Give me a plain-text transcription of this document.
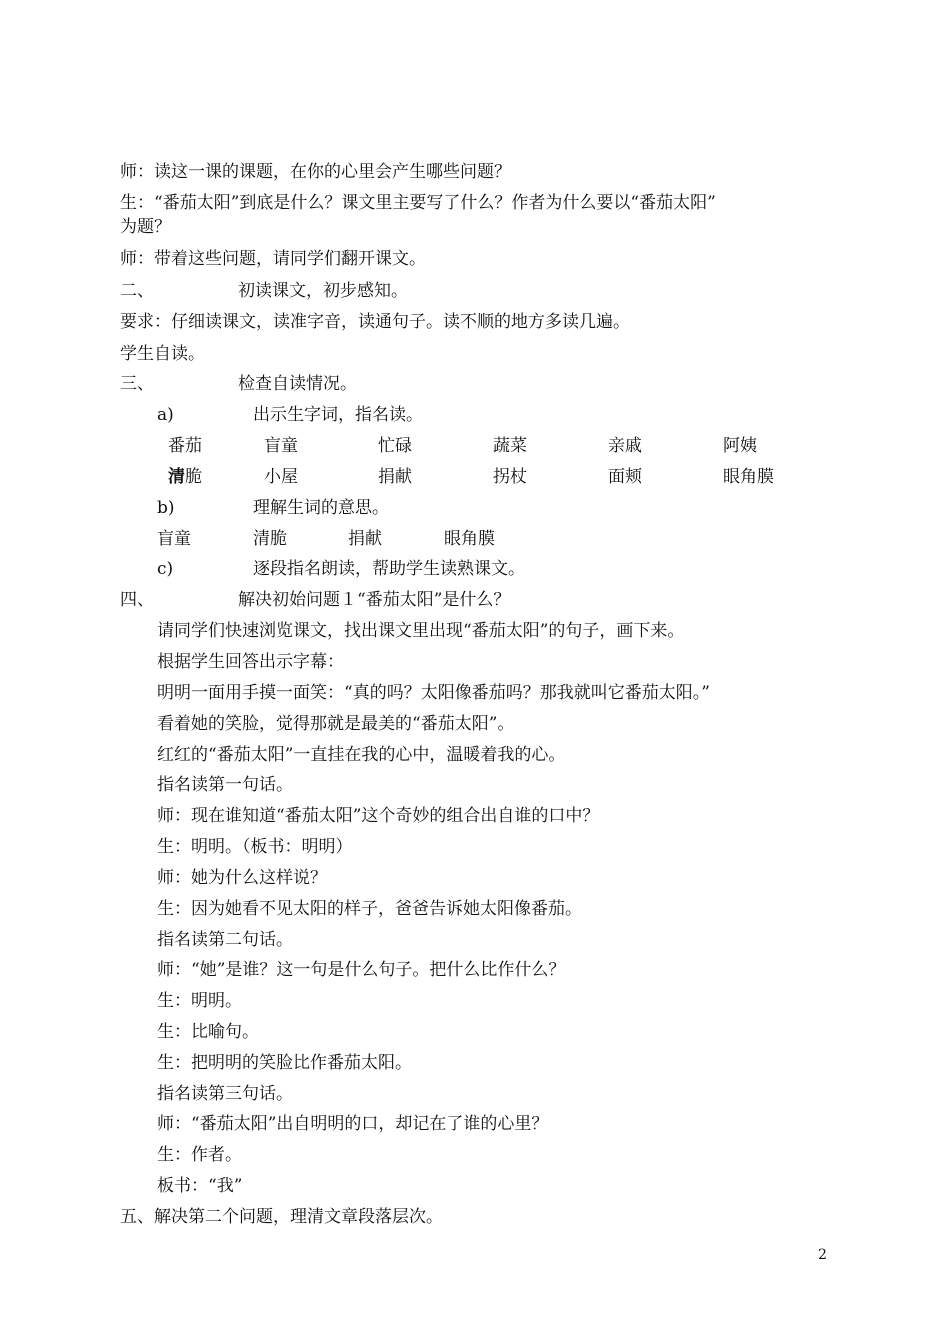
师：读这一课的课题，在你的心里会产生哪些问题？
生：“番茄太阳”到底是什么？课文里主要写了什么？作者为什么要以“番茄太阳”
为题？
师：带着这些问题，请同学们翻开课文。
二、	初读课文，初步感知。
要求：仔细读课文，读准字音，读通句子。读不顺的地方多读几遍。
学生自读。
三、	检查自读情况。
a)	出示生字词，指名读。
番茄	盲童	忙碌	蔬菜	亲戚	阿姨
清脆	小屋	捐献	拐杖	面颊	眼角膜
b)	理解生词的意思。
盲童	清脆	捐献	眼角膜
c)	逐段指名朗读，帮助学生读熟课文。
四、	解决初始问题１“番茄太阳”是什么？
请同学们快速浏览课文，找出课文里出现“番茄太阳”的句子，画下来。
根据学生回答出示字幕：
明明一面用手摸一面笑：“真的吗？太阳像番茄吗？那我就叫它番茄太阳。”
看着她的笑脸，觉得那就是最美的“番茄太阳”。
红红的“番茄太阳”一直挂在我的心中，温暖着我的心。
指名读第一句话。
师：现在谁知道“番茄太阳”这个奇妙的组合出自谁的口中？
生：明明。（板书：明明）
师：她为什么这样说？
生：因为她看不见太阳的样子，爸爸告诉她太阳像番茄。
指名读第二句话。
师：“她”是谁？这一句是什么句子。把什么比作什么？
生：明明。
生：比喻句。
生：把明明的笑脸比作番茄太阳。
指名读第三句话。
师：“番茄太阳”出自明明的口，却记在了谁的心里？
生：作者。
板书：“我”
五、解决第二个问题，理清文章段落层次。
2
